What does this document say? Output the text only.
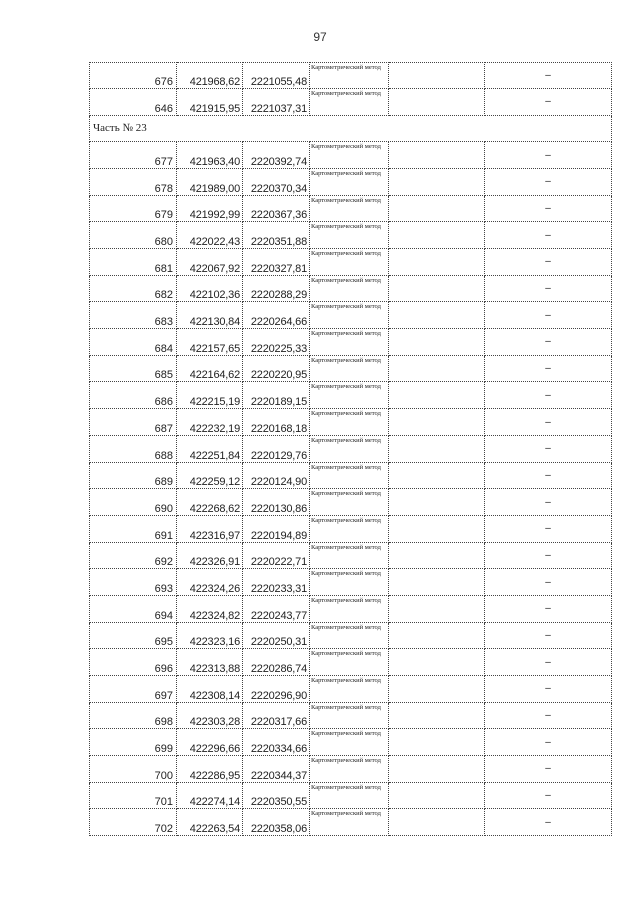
97
676	421968,62	2221055,48	Картометрический метод		–
646	421915,95	2221037,31	Картометрический метод		–
Часть № 23					
677	421963,40	2220392,74	Картометрический метод		–
678	421989,00	2220370,34	Картометрический метод		–
679	421992,99	2220367,36	Картометрический метод		–
680	422022,43	2220351,88	Картометрический метод		–
681	422067,92	2220327,81	Картометрический метод		–
682	422102,36	2220288,29	Картометрический метод		–
683	422130,84	2220264,66	Картометрический метод		–
684	422157,65	2220225,33	Картометрический метод		–
685	422164,62	2220220,95	Картометрический метод		–
686	422215,19	2220189,15	Картометрический метод		–
687	422232,19	2220168,18	Картометрический метод		–
688	422251,84	2220129,76	Картометрический метод		–
689	422259,12	2220124,90	Картометрический метод		–
690	422268,62	2220130,86	Картометрический метод		–
691	422316,97	2220194,89	Картометрический метод		–
692	422326,91	2220222,71	Картометрический метод		–
693	422324,26	2220233,31	Картометрический метод		–
694	422324,82	2220243,77	Картометрический метод		–
695	422323,16	2220250,31	Картометрический метод		–
696	422313,88	2220286,74	Картометрический метод		–
697	422308,14	2220296,90	Картометрический метод		–
698	422303,28	2220317,66	Картометрический метод		–
699	422296,66	2220334,66	Картометрический метод		–
700	422286,95	2220344,37	Картометрический метод		–
701	422274,14	2220350,55	Картометрический метод		–
702	422263,54	2220358,06	Картометрический метод		–
